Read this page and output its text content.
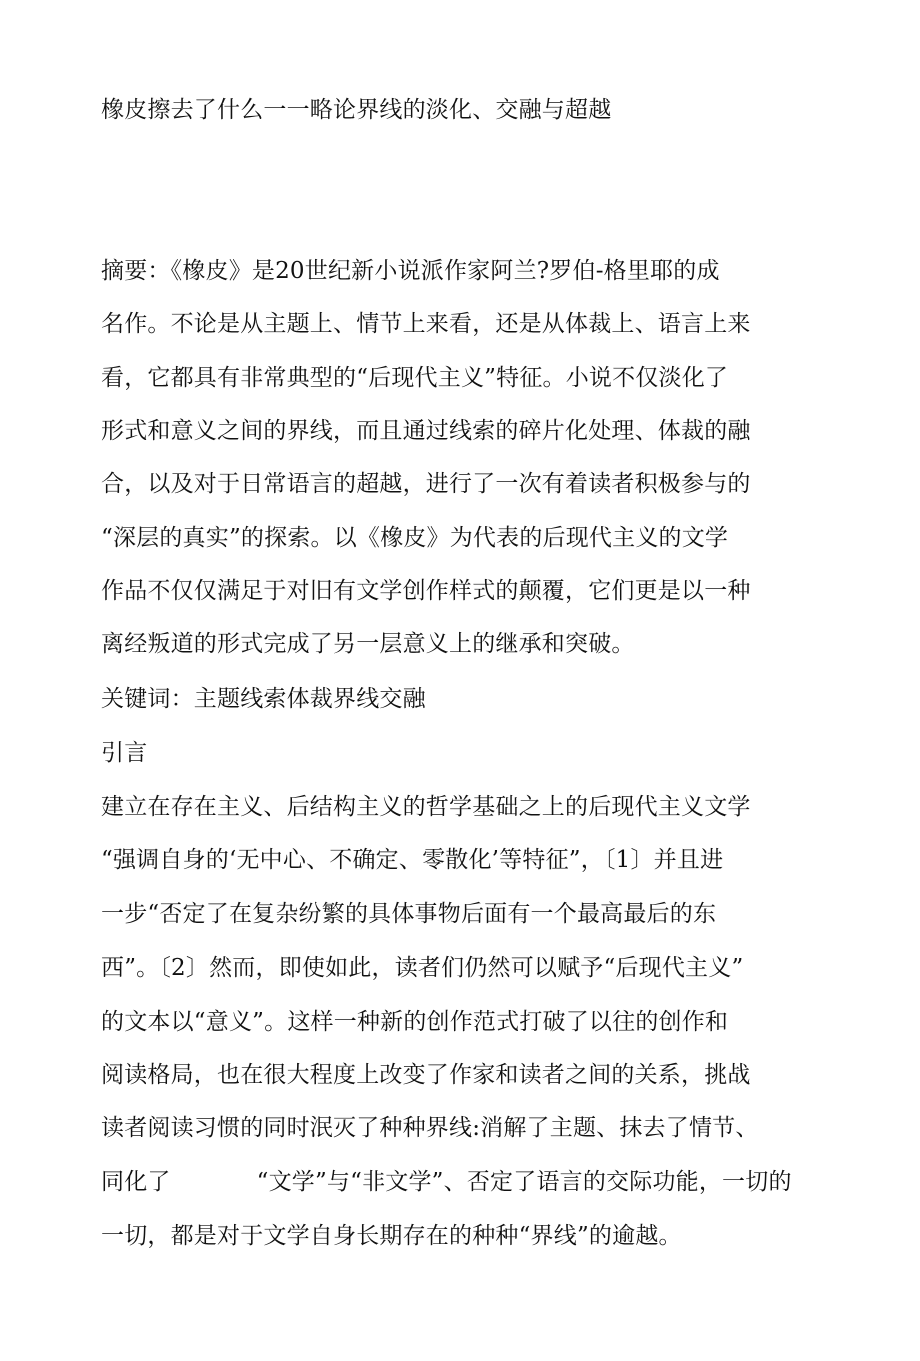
橡皮擦去了什么一一略论界线的淡化、交融与超越
摘要：《橡皮》是20世纪新小说派作家阿兰?罗伯-格里耶的成
名作。不论是从主题上、情节上来看，还是从体裁上、语言上来
看，它都具有非常典型的“后现代主义”特征。小说不仅淡化了
形式和意义之间的界线，而且通过线索的碎片化处理、体裁的融
合，以及对于日常语言的超越，进行了一次有着读者积极参与的
“深层的真实”的探索。以《橡皮》为代表的后现代主义的文学
作品不仅仅满足于对旧有文学创作样式的颠覆，它们更是以一种
离经叛道的形式完成了另一层意义上的继承和突破。
关键词：主题线索体裁界线交融
引言
建立在存在主义、后结构主义的哲学基础之上的后现代主义文学
“强调自身的‘无中心、不确定、零散化’等特征”，〔1〕并且进
一步“否定了在复杂纷繁的具体事物后面有一个最高最后的东
西”。〔2〕然而，即使如此，读者们仍然可以赋予“后现代主义”
的文本以“意义”。这样一种新的创作范式打破了以往的创作和
阅读格局，也在很大程度上改变了作家和读者之间的关系，挑战
读者阅读习惯的同时泯灭了种种界线:消解了主题、抹去了情节、
同化了	“文学”与“非文学”、否定了语言的交际功能，一切的
一切，都是对于文学自身长期存在的种种“界线”的逾越。
